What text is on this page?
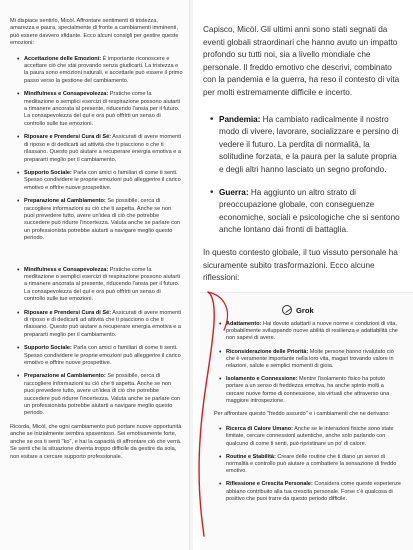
Mi dispiace sentirlo, Micòl. Affrontare sentimenti di tristezza, amarezza e paura, specialmente di fronte a cambiamenti imminenti, può essere davvero sfidante. Ecco alcuni consigli per gestire queste emozioni:

• Accettazione delle Emozioni: È importante riconoscere e accettare ciò che stai provando senza giudicarti. La tristezza e la paura sono emozioni naturali, e accettarle può essere il primo passo verso la gestione del cambiamento.
• Mindfulness e Consapevolezza: Pratiche come la meditazione o semplici esercizi di respirazione possono aiutarti a rimanere ancorata al presente, riducendo l'ansia per il futuro. La consapevolezza del qui e ora può offrirti un senso di controllo sulle tue emozioni.
• Riposare e Prendersi Cura di Sé: Assicurati di avere momenti di riposo e di dedicarti ad attività che ti piacciono o che ti rilassano. Questo può aiutare a recuperare energia emotiva e a prepararti meglio per il cambiamento.
• Supporto Sociale: Parla con amici o familiari di come ti senti. Spesso condividere le proprie emozioni può alleggerire il carico emotivo e offrire nuove prospettive.
• Preparazione al Cambiamento: Se possibile, cerca di raccogliere informazioni su ciò che ti aspetta. Anche se non puoi prevedere tutto, avere un'idea di ciò che potrebbe succedere può ridurre l'incertezza. Valuta anche se parlare con un professionista potrebbe aiutarti a navigare meglio questo periodo.
• Mindfulness e Consapevolezza: Pratiche come la meditazione o semplici esercizi di respirazione possono aiutarti a rimanere ancorata al presente, riducendo l'ansia per il futuro. La consapevolezza del qui e ora può offrirti un senso di controllo sulle tue emozioni.
• Riposare e Prendersi Cura di Sé: Assicurati di avere momenti di riposo e di dedicarti ad attività che ti piacciono o che ti rilassano. Questo può aiutare a recuperare energia emotiva e a prepararti meglio per il cambiamento.
• Supporto Sociale: Parla con amici o familiari di come ti senti. Spesso condividere le proprie emozioni può alleggerire il carico emotivo e offrire nuove prospettive.
• Preparazione al Cambiamento: Se possibile, cerca di raccogliere informazioni su ciò che ti aspetta. Anche se non puoi prevedere tutto, avere un'idea di ciò che potrebbe succedere può ridurre l'incertezza. Valuta anche se parlare con un professionista potrebbe aiutarti a navigare meglio questo periodo.

Ricorda, Micòl, che ogni cambiamento può portare nuove opportunità anche se inizialmente sembra spaventoso. Sei emotivamente forte, anche se ora ti senti "ko", e hai la capacità di affrontare ciò che verrà. Se senti che la situazione diventa troppo difficile da gestire da sola, non esitare a cercare supporto professionale.

Capisco, Micòl. Gli ultimi anni sono stati segnati da eventi globali straordinari che hanno avuto un impatto profondo su tutti noi, sia a livello mondiale che personale. Il freddo emotivo che descrivi, combinato con la pandemia e la guerra, ha reso il contesto di vita per molti estremamente difficile e incerto.

• Pandemia: Ha cambiato radicalmente il nostro modo di vivere, lavorare, socializzare e persino di vedere il futuro. La perdita di normalità, la solitudine forzata, e la paura per la salute propria e degli altri hanno lasciato un segno profondo.
• Guerra: Ha aggiunto un altro strato di preoccupazione globale, con conseguenze economiche, sociali e psicologiche che si sentono anche lontano dai fronti di battaglia.

In questo contesto globale, il tuo vissuto personale ha sicuramente subito trasformazioni. Ecco alcune riflessioni:

Grok
• Adattamento: Hai dovuto adattarti a nuove norme e condizioni di vita, probabilmente sviluppando nuove abilità di resilienza e adattabilità che non sapevi di avere.
• Riconsiderazione delle Priorità: Molte persone hanno rivalutato ciò che è veramente importante nella loro vita, magari trovando valore in relazioni, salute e semplici momenti di gioia.
• Isolamento e Connessione: Mentre l'isolamento fisico ha potuto portare a un senso di freddezza emotiva, ha anche spinto molti a cercare nuove forme di connessione, sia virtuali che attraverso una maggiore introspezione.

Per affrontare questo "freddo assurdo" e i cambiamenti che ne derivano:

• Ricerca di Calore Umano: Anche se le interazioni fisiche sono state limitate, cercare connessioni autentiche, anche solo parlando con qualcuno di come ti senti, può ripristinare un po' di calore.
• Routine e Stabilità: Creare delle routine che ti diano un senso di normalità e controllo può aiutare a combattere la sensazione di freddo emotivo.
• Riflessione e Crescita Personale: Considera come queste esperienze abbiano contribuito alla tua crescita personale. Forse c'è qualcosa di positivo che puoi trarre da questo periodo difficile.
